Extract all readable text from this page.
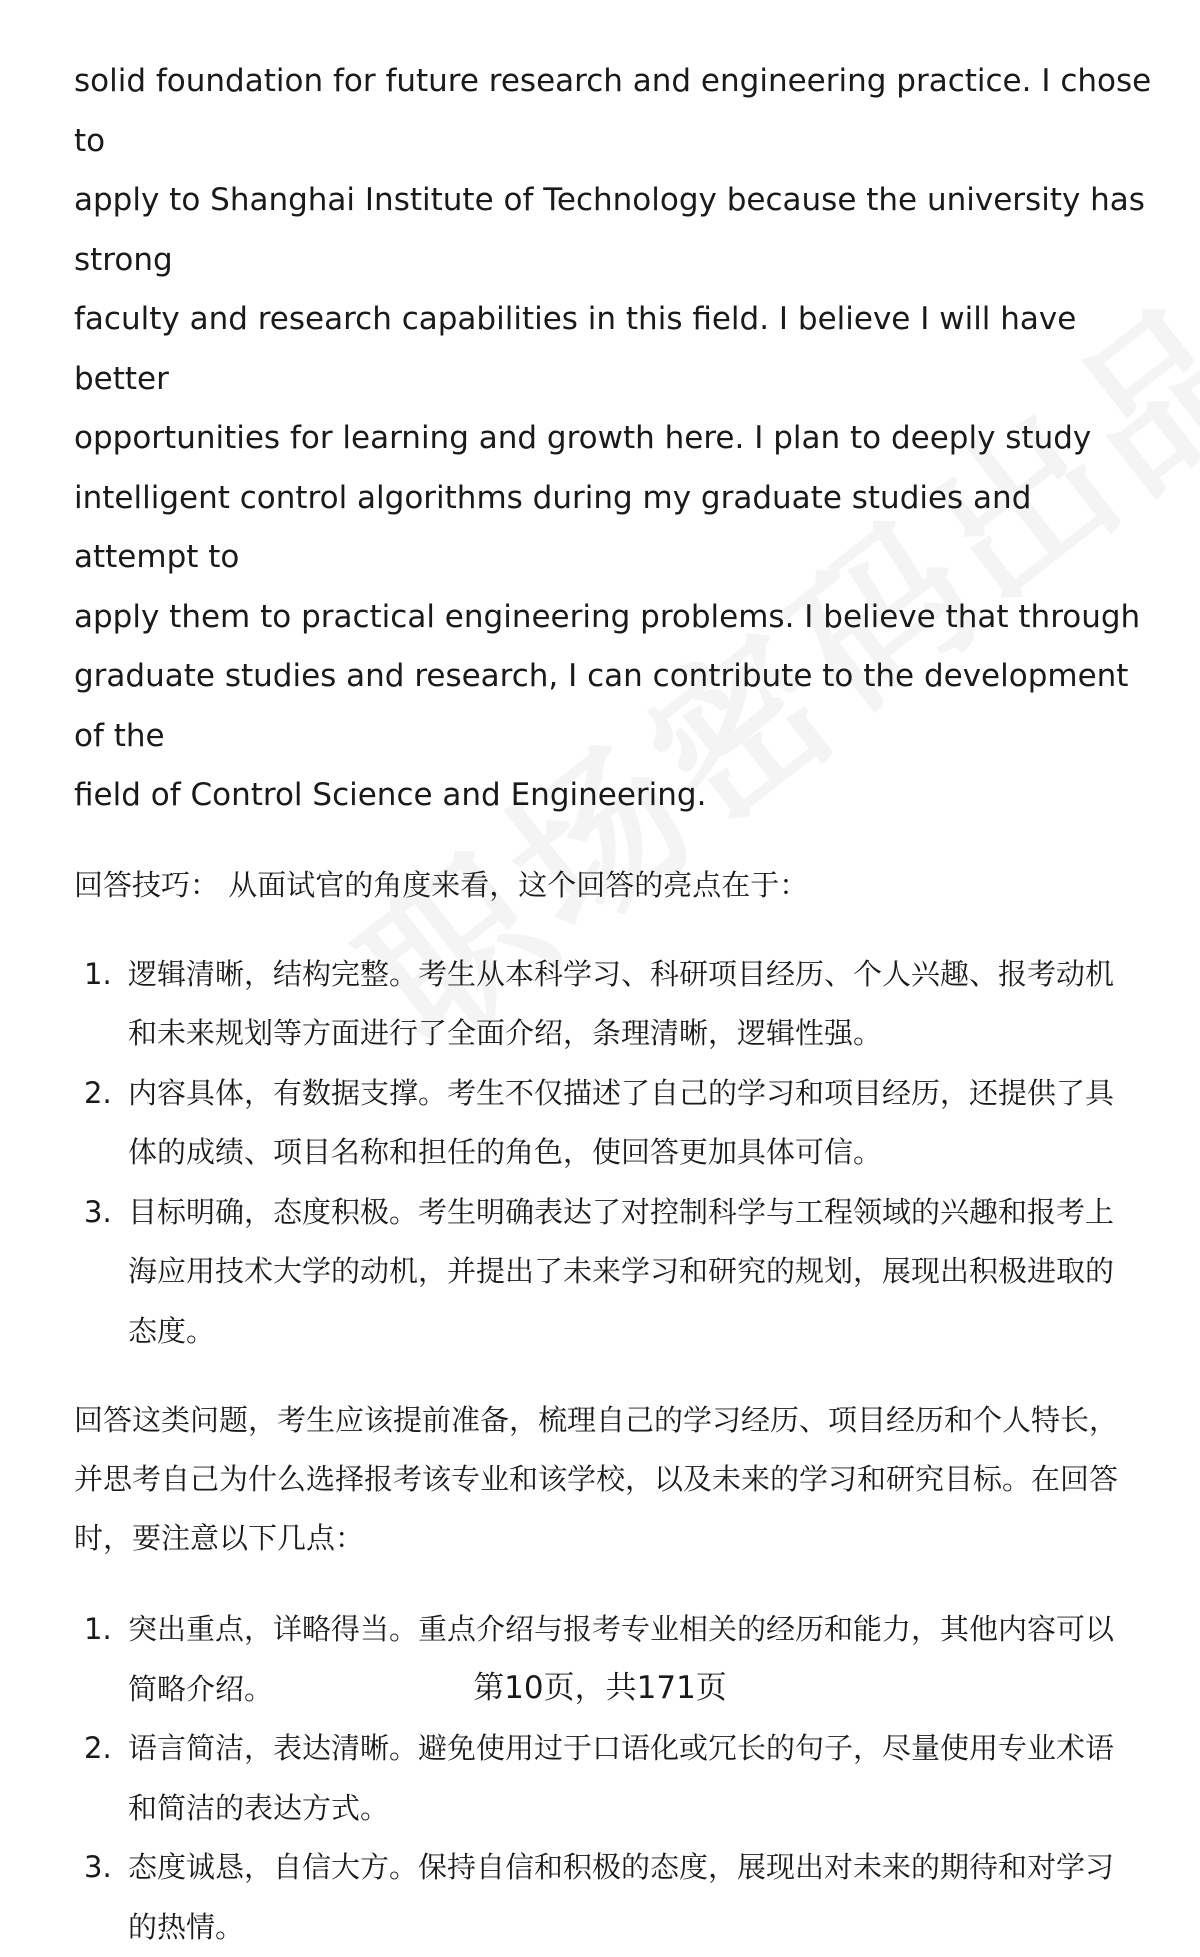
solid foundation for future research and engineering practice. I chose to
apply to Shanghai Institute of Technology because the university has strong
faculty and research capabilities in this field. I believe I will have better
opportunities for learning and growth here. I plan to deeply study
intelligent control algorithms during my graduate studies and attempt to
apply them to practical engineering problems. I believe that through
graduate studies and research, I can contribute to the development of the
field of Control Science and Engineering.
回答技巧： 从面试官的角度来看，这个回答的亮点在于：
1. 逻辑清晰，结构完整。考生从本科学习、科研项目经历、个人兴趣、报考动机
和未来规划等方面进行了全面介绍，条理清晰，逻辑性强。
2. 内容具体，有数据支撑。考生不仅描述了自己的学习和项目经历，还提供了具
体的成绩、项目名称和担任的角色，使回答更加具体可信。
3. 目标明确，态度积极。考生明确表达了对控制科学与工程领域的兴趣和报考上
海应用技术大学的动机，并提出了未来学习和研究的规划，展现出积极进取的
态度。
回答这类问题，考生应该提前准备，梳理自己的学习经历、项目经历和个人特长，
并思考自己为什么选择报考该专业和该学校，以及未来的学习和研究目标。在回答
时，要注意以下几点：
1. 突出重点，详略得当。重点介绍与报考专业相关的经历和能力，其他内容可以
简略介绍。
2. 语言简洁，表达清晰。避免使用过于口语化或冗长的句子，尽量使用专业术语
和简洁的表达方式。
3. 态度诚恳，自信大方。保持自信和积极的态度，展现出对未来的期待和对学习
的热情。
第10页，共171页
